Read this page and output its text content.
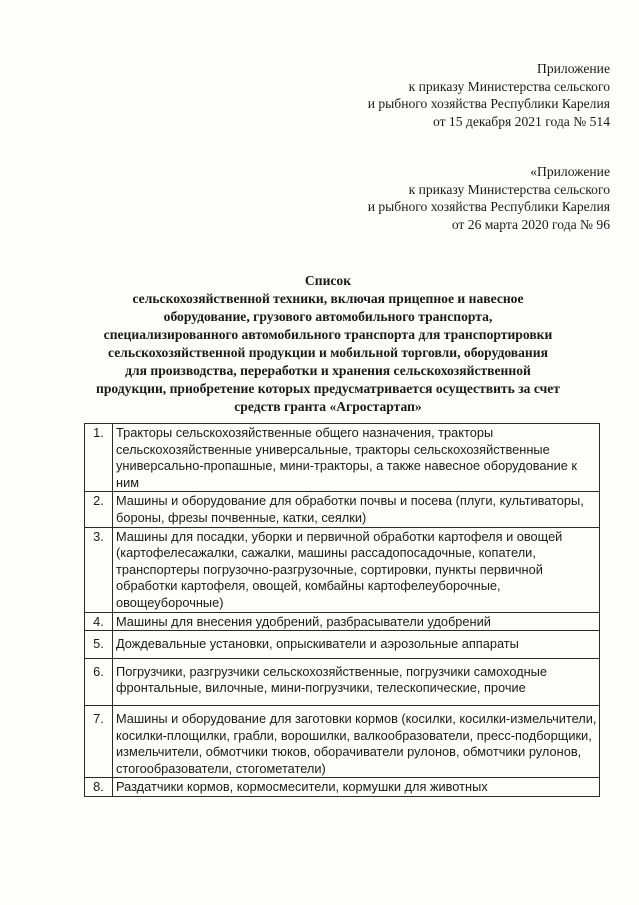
Приложение
к приказу Министерства сельского
и рыбного хозяйства Республики Карелия
от 15 декабря 2021 года № 514
«Приложение
к приказу Министерства сельского
и рыбного хозяйства Республики Карелия
от 26 марта 2020 года № 96
Список
сельскохозяйственной техники, включая прицепное и навесное
оборудование, грузового автомобильного транспорта,
специализированного автомобильного транспорта для транспортировки
сельскохозяйственной продукции и мобильной торговли, оборудования
для производства, переработки и хранения сельскохозяйственной
продукции, приобретение которых предусматривается осуществить за счет
средств гранта «Агростартап»
1.	Тракторы сельскохозяйственные общего назначения, тракторы сельскохозяйственные универсальные, тракторы сельскохозяйственные универсально-пропашные, мини-тракторы, а также навесное оборудование к ним
2.	Машины и оборудование для обработки почвы и посева (плуги, культиваторы, бороны, фрезы почвенные, катки, сеялки)
3.	Машины для посадки, уборки и первичной обработки картофеля и овощей (картофелесажалки, сажалки, машины рассадопосадочные, копатели, транспортеры погрузочно-разгрузочные, сортировки, пункты первичной обработки картофеля, овощей, комбайны картофелеуборочные, овощеуборочные)
4.	Машины для внесения удобрений, разбрасыватели удобрений
5.	Дождевальные установки, опрыскиватели и аэрозольные аппараты
6.	Погрузчики, разгрузчики сельскохозяйственные, погрузчики самоходные фронтальные, вилочные, мини-погрузчики, телескопические, прочие
7.	Машины и оборудование для заготовки кормов (косилки, косилки-измельчители, косилки-площилки, грабли, ворошилки, валкообразователи, пресс-подборщики, измельчители, обмотчики тюков, оборачиватели рулонов, обмотчики рулонов, стогообразователи, стогометатели)
8.	Раздатчики кормов, кормосмесители, кормушки для животных
